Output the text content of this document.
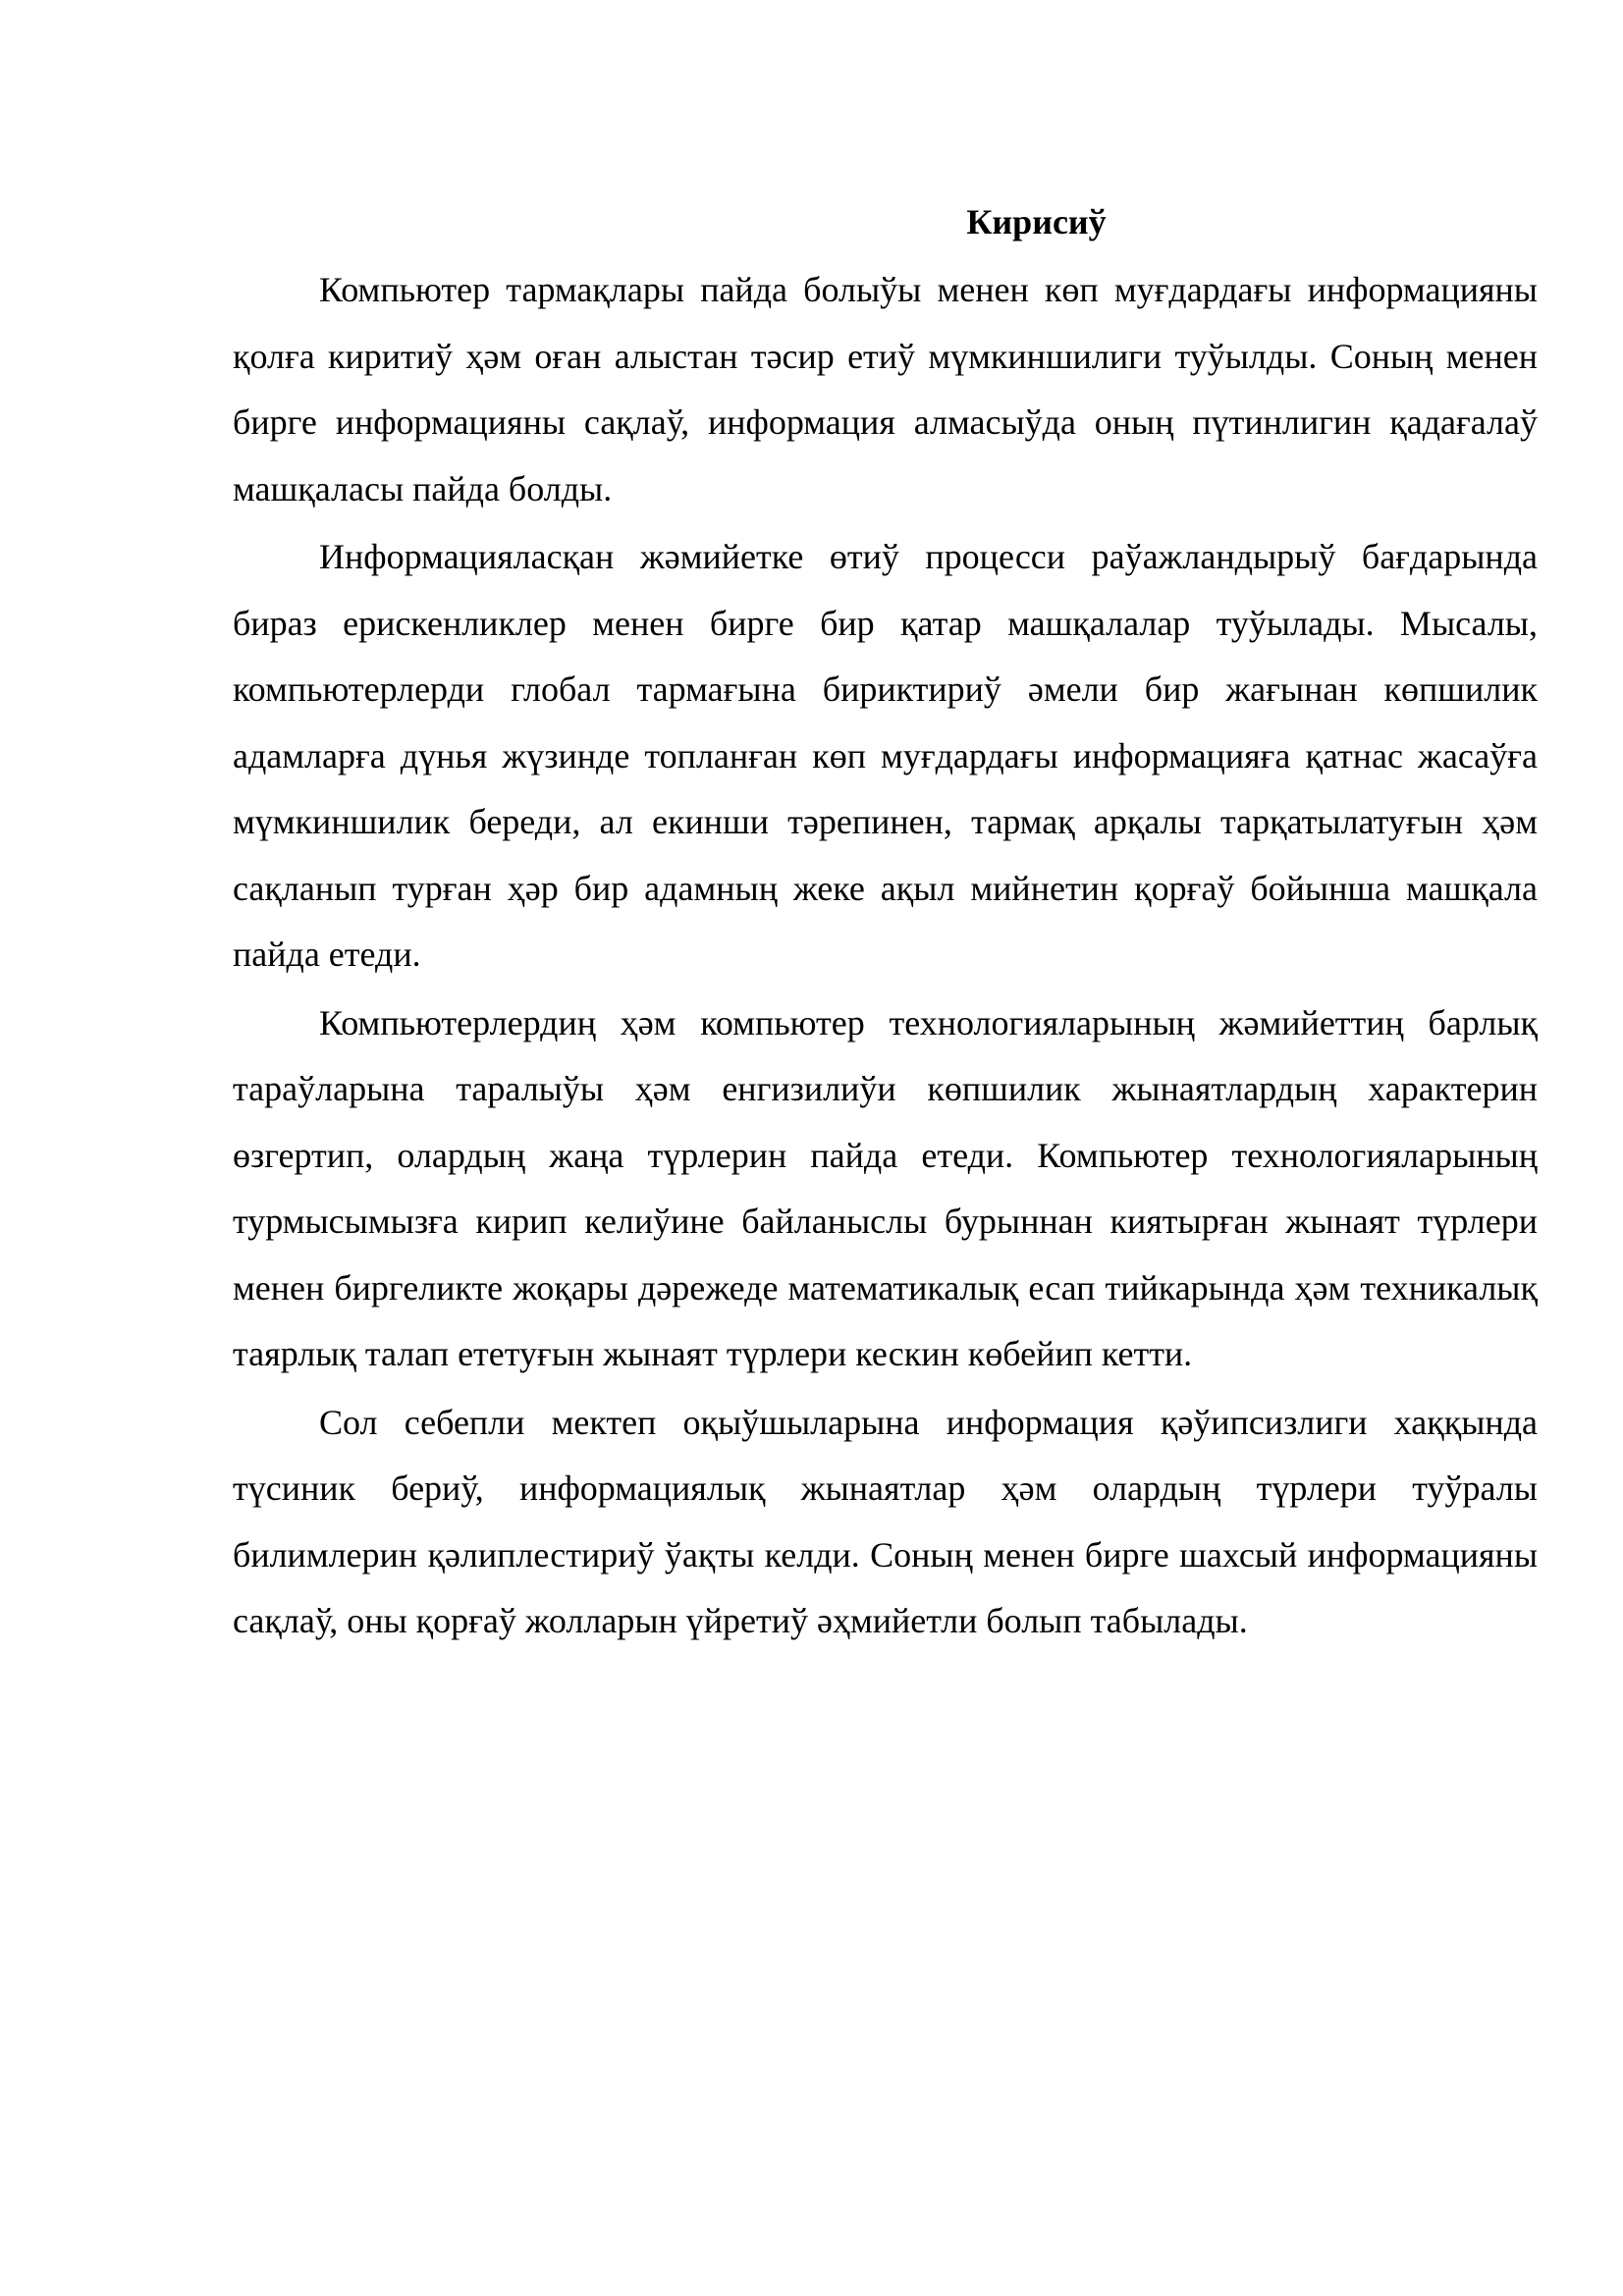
Кирисиў

Компьютер тармақлары пайда болыўы менен көп муғдардағы информацияны қолға киритиў ҳәм оған алыстан тәсир етиў мүмкиншилиги туўылды. Соның менен бирге информацияны сақлаў, информация алмасыўда оның пүтинлигин қадағалаў машқаласы пайда болды.

Информацияласқан жәмийетке өтиў процесси раўажландырыў бағдарында бираз ерискенликлер менен бирге бир қатар машқалалар туўылады. Мысалы, компьютерлерди глобал тармағына бириктириў әмели бир жағынан көпшилик адамларға дүнья жүзинде топланған көп муғдардағы информацияға қатнас жасаўға мүмкиншилик береди, ал екинши тәрепинен, тармақ арқалы тарқатылатуғын ҳәм сақланып турған ҳәр бир адамның жеке ақыл мийнетин қорғаў бойынша машқала пайда етеди.

Компьютерлердиң ҳәм компьютер технологияларының жәмийеттиң барлық тараўларына таралыўы ҳәм енгизилиўи көпшилик жынаятлардың характерин өзгертип, олардың жаңа түрлерин пайда етеди. Компьютер технологияларының турмысымызға кирип келиўине байланыслы бурыннан киятырған жынаят түрлери менен биргеликте жоқары дәрежеде математикалық есап тийкарында ҳәм техникалық таярлық талап ететуғын жынаят түрлери кескин көбейип кетти.

Сол себепли мектеп оқыўшыларына информация қәўипсизлиги хаққында түсиник бериў, информациялық жынаятлар ҳәм олардың түрлери туўралы билимлерин қәлиплестириў ўақты келди. Соның менен бирге шахсый информацияны сақлаў, оны қорғаў жолларын үйретиў әҳмийетли болып табылады.
